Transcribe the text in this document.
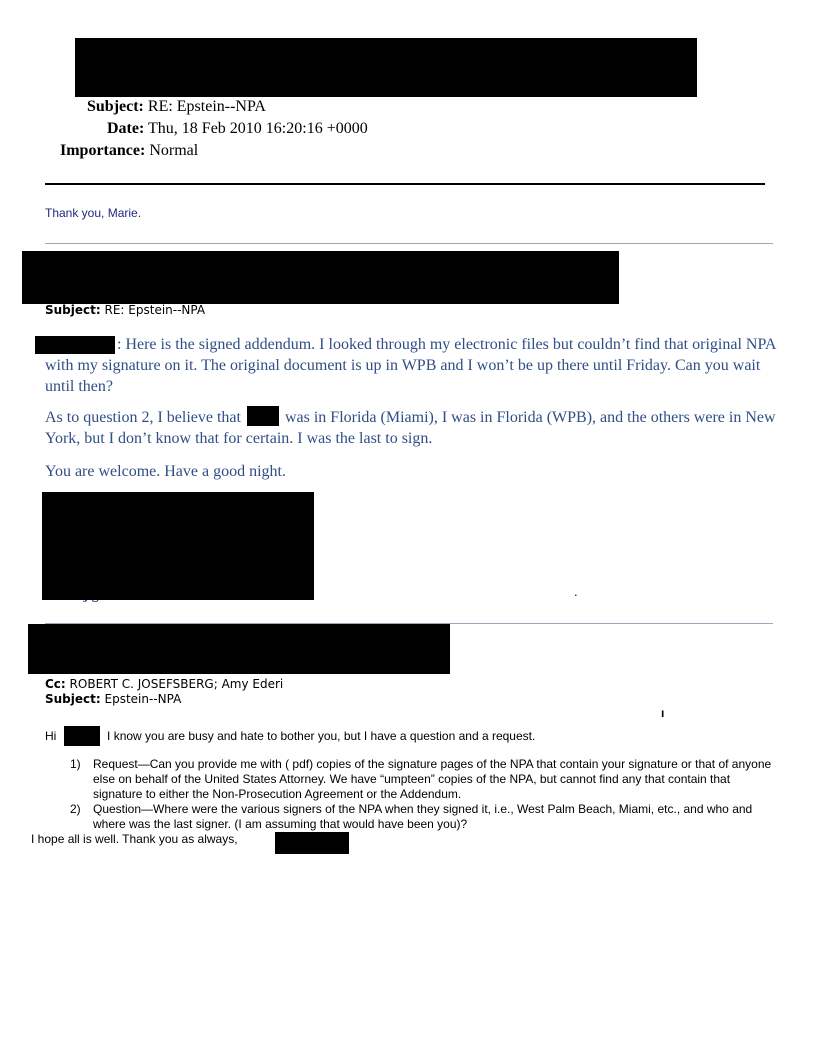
Subject: RE: Epstein--NPA
Date: Thu, 18 Feb 2010 16:20:16 +0000
Importance: Normal
Thank you, Marie.
Subject: RE: Epstein--NPA
: Here is the signed addendum. I looked through my electronic files but couldn’t find that original NPA with my signature on it. The original document is up in WPB and I won’t be up there until Friday. Can you wait until then?
As to question 2, I believe that	was in Florida (Miami), I was in Florida (WPB), and the others were in New York, but I don’t know that for certain. I was the last to sign.
You are welcome. Have a good night.
.
Cc: ROBERT C. JOSEFSBERG; Amy Ederi
Subject: Epstein--NPA
ı
Hi	I know you are busy and hate to bother you, but I have a question and a request.
1) Request—Can you provide me with ( pdf) copies of the signature pages of the NPA that contain your signature or that of anyone else on behalf of the United States Attorney. We have “umpteen” copies of the NPA, but cannot find any that contain that signature to either the Non-Prosecution Agreement or the Addendum.
2) Question—Where were the various signers of the NPA when they signed it, i.e., West Palm Beach, Miami, etc., and who and where was the last signer. (I am assuming that would have been you)?
I hope all is well. Thank you as always,
